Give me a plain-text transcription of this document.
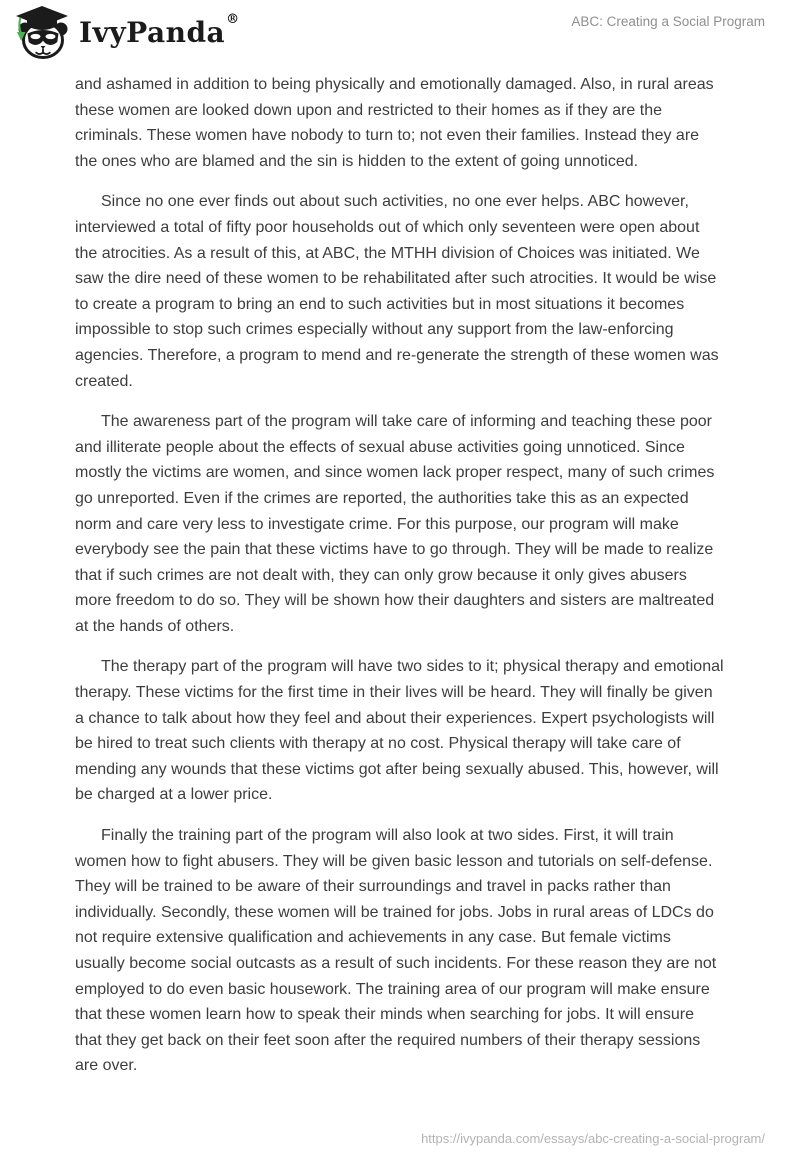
IvyPanda®	ABC: Creating a Social Program

and ashamed in addition to being physically and emotionally damaged. Also, in rural areas these women are looked down upon and restricted to their homes as if they are the criminals. These women have nobody to turn to; not even their families. Instead they are the ones who are blamed and the sin is hidden to the extent of going unnoticed.

Since no one ever finds out about such activities, no one ever helps. ABC however, interviewed a total of fifty poor households out of which only seventeen were open about the atrocities. As a result of this, at ABC, the MTHH division of Choices was initiated. We saw the dire need of these women to be rehabilitated after such atrocities. It would be wise to create a program to bring an end to such activities but in most situations it becomes impossible to stop such crimes especially without any support from the law-enforcing agencies. Therefore, a program to mend and re-generate the strength of these women was created.

The awareness part of the program will take care of informing and teaching these poor and illiterate people about the effects of sexual abuse activities going unnoticed. Since mostly the victims are women, and since women lack proper respect, many of such crimes go unreported. Even if the crimes are reported, the authorities take this as an expected norm and care very less to investigate crime. For this purpose, our program will make everybody see the pain that these victims have to go through. They will be made to realize that if such crimes are not dealt with, they can only grow because it only gives abusers more freedom to do so. They will be shown how their daughters and sisters are maltreated at the hands of others.

The therapy part of the program will have two sides to it; physical therapy and emotional therapy. These victims for the first time in their lives will be heard. They will finally be given a chance to talk about how they feel and about their experiences. Expert psychologists will be hired to treat such clients with therapy at no cost. Physical therapy will take care of mending any wounds that these victims got after being sexually abused. This, however, will be charged at a lower price.

Finally the training part of the program will also look at two sides. First, it will train women how to fight abusers. They will be given basic lesson and tutorials on self-defense. They will be trained to be aware of their surroundings and travel in packs rather than individually. Secondly, these women will be trained for jobs. Jobs in rural areas of LDCs do not require extensive qualification and achievements in any case. But female victims usually become social outcasts as a result of such incidents. For these reason they are not employed to do even basic housework. The training area of our program will make ensure that these women learn how to speak their minds when searching for jobs. It will ensure that they get back on their feet soon after the required numbers of their therapy sessions are over.

https://ivypanda.com/essays/abc-creating-a-social-program/
